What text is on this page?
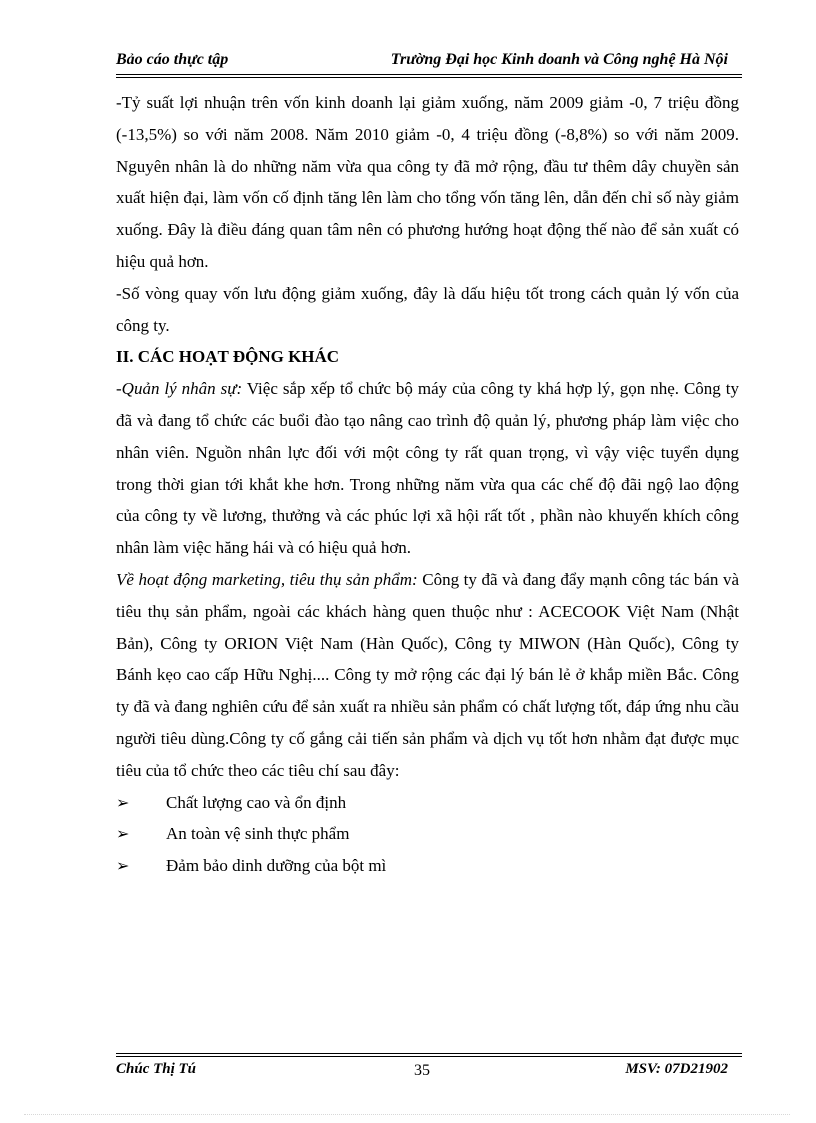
Bảo cáo thực tập	Trường Đại học Kinh doanh và Công nghệ Hà Nội

-Tỷ suất lợi nhuận trên vốn kinh doanh lại giảm xuống, năm 2009 giảm -0, 7 triệu đồng (-13,5%) so với năm 2008. Năm 2010 giảm -0, 4 triệu đồng (-8,8%) so với năm 2009. Nguyên nhân là do những năm vừa qua công ty đã mở rộng, đầu tư thêm dây chuyền sản xuất hiện đại, làm vốn cố định tăng lên làm cho tổng vốn tăng lên, dẫn đến chỉ số này giảm xuống. Đây là điều đáng quan tâm nên có phương hướng hoạt động thế nào để sản xuất có hiệu quả hơn.

-Số vòng quay vốn lưu động giảm xuống, đây là dấu hiệu tốt trong cách quản lý vốn của công ty.

II. CÁC HOẠT ĐỘNG KHÁC

-Quản lý nhân sự: Việc sắp xếp tổ chức bộ máy của công ty khá hợp lý, gọn nhẹ. Công ty đã và đang tổ chức các buổi đào tạo nâng cao trình độ quản lý, phương pháp làm việc cho nhân viên. Nguồn nhân lực đối với một công ty rất quan trọng, vì vậy việc tuyển dụng trong thời gian tới khắt khe hơn. Trong những năm vừa qua các chế độ đãi ngộ lao động của công ty về lương, thưởng và các phúc lợi xã hội rất tốt , phần nào khuyến khích công nhân làm việc hăng hái và có hiệu quả hơn.

Về hoạt động marketing, tiêu thụ sản phẩm: Công ty đã và đang đẩy mạnh công tác bán và tiêu thụ sản phẩm, ngoài các khách hàng quen thuộc như : ACECOOK Việt Nam (Nhật Bản), Công ty ORION Việt Nam (Hàn Quốc), Công ty MIWON (Hàn Quốc), Công ty Bánh kẹo cao cấp Hữu Nghị.... Công ty mở rộng các đại lý bán lẻ ở khắp miền Bắc. Công ty đã và đang nghiên cứu để sản xuất ra nhiều sản phẩm có chất lượng tốt, đáp ứng nhu cầu người tiêu dùng.Công ty cố gắng cải tiến sản phẩm và dịch vụ tốt hơn nhằm đạt được mục tiêu của tổ chức theo các tiêu chí sau đây:

➢ Chất lượng cao và ổn định

➢ An toàn vệ sinh thực phẩm

➢ Đảm bảo dinh dưỡng của bột mì

Chúc Thị Tú	35	MSV: 07D21902
